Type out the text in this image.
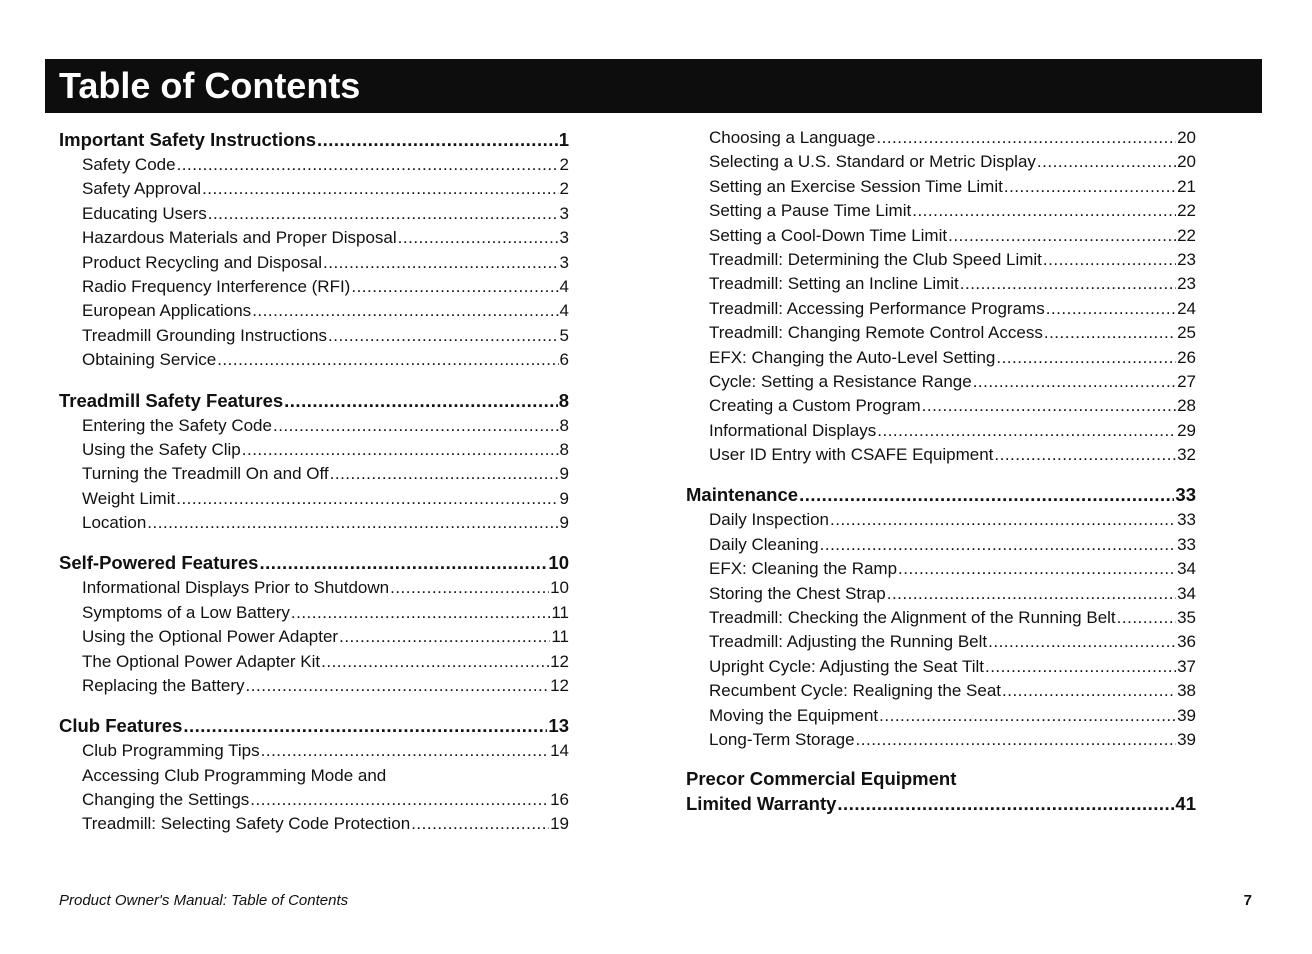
Table of Contents
Important Safety Instructions .....	1
Safety Code .....	2
Safety Approval .....	2
Educating Users .....	3
Hazardous Materials and Proper Disposal .....	3
Product Recycling and Disposal .....	3
Radio Frequency Interference (RFI) .....	4
European Applications .....	4
Treadmill Grounding Instructions .....	5
Obtaining Service .....	6
Treadmill Safety Features .....	8
Entering the Safety Code .....	8
Using the Safety Clip .....	8
Turning the Treadmill On and Off .....	9
Weight Limit .....	9
Location .....	9
Self-Powered Features .....	10
Informational Displays Prior to Shutdown .....	10
Symptoms of a Low Battery .....	11
Using the Optional Power Adapter .....	11
The Optional Power Adapter Kit .....	12
Replacing the Battery .....	12
Club Features .....	13
Club Programming Tips .....	14
Accessing Club Programming Mode and
Changing the Settings .....	16
Treadmill: Selecting Safety Code Protection .....	19
Choosing a Language .....	20
Selecting a U.S. Standard or Metric Display .....	20
Setting an Exercise Session Time Limit .....	21
Setting a Pause Time Limit .....	22
Setting a Cool-Down Time Limit .....	22
Treadmill: Determining the Club Speed Limit .....	23
Treadmill: Setting an Incline Limit .....	23
Treadmill: Accessing Performance Programs .....	24
Treadmill: Changing Remote Control Access .....	25
EFX: Changing the Auto-Level Setting .....	26
Cycle: Setting a Resistance Range .....	27
Creating a Custom Program .....	28
Informational Displays .....	29
User ID Entry with CSAFE Equipment .....	32
Maintenance .....	33
Daily Inspection .....	33
Daily Cleaning .....	33
EFX: Cleaning the Ramp .....	34
Storing the Chest Strap .....	34
Treadmill: Checking the Alignment of the Running Belt .....	35
Treadmill: Adjusting the Running Belt .....	36
Upright Cycle: Adjusting the Seat Tilt .....	37
Recumbent Cycle: Realigning the Seat .....	38
Moving the Equipment .....	39
Long-Term Storage .....	39
Precor Commercial Equipment
Limited Warranty .....	41
Product Owner's Manual: Table of Contents	7
